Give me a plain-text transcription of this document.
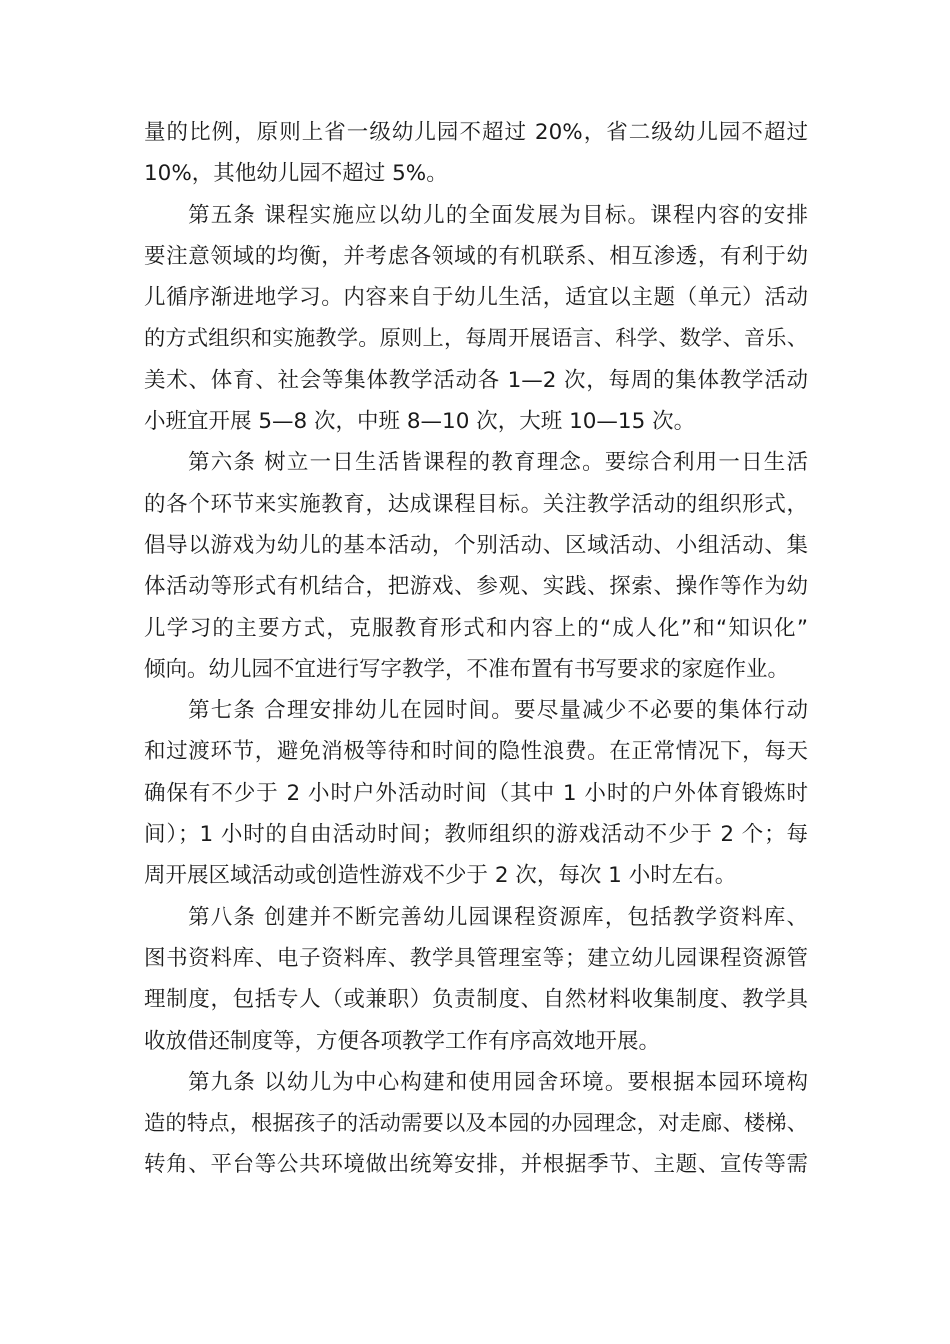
量的比例，原则上省一级幼儿园不超过 20%，省二级幼儿园不超过
10%，其他幼儿园不超过 5%。
第五条 课程实施应以幼儿的全面发展为目标。课程内容的安排
要注意领域的均衡，并考虑各领域的有机联系、相互渗透，有利于幼
儿循序渐进地学习。内容来自于幼儿生活，适宜以主题（单元）活动
的方式组织和实施教学。原则上，每周开展语言、科学、数学、音乐、
美术、体育、社会等集体教学活动各 1—2 次，每周的集体教学活动
小班宜开展 5—8 次，中班 8—10 次，大班 10—15 次。
第六条 树立一日生活皆课程的教育理念。要综合利用一日生活
的各个环节来实施教育，达成课程目标。关注教学活动的组织形式，
倡导以游戏为幼儿的基本活动，个别活动、区域活动、小组活动、集
体活动等形式有机结合，把游戏、参观、实践、探索、操作等作为幼
儿学习的主要方式，克服教育形式和内容上的“成人化”和“知识化”
倾向。幼儿园不宜进行写字教学，不准布置有书写要求的家庭作业。
第七条 合理安排幼儿在园时间。要尽量减少不必要的集体行动
和过渡环节，避免消极等待和时间的隐性浪费。在正常情况下，每天
确保有不少于 2 小时户外活动时间（其中 1 小时的户外体育锻炼时
间）；1 小时的自由活动时间；教师组织的游戏活动不少于 2 个；每
周开展区域活动或创造性游戏不少于 2 次，每次 1 小时左右。
第八条 创建并不断完善幼儿园课程资源库，包括教学资料库、
图书资料库、电子资料库、教学具管理室等；建立幼儿园课程资源管
理制度，包括专人（或兼职）负责制度、自然材料收集制度、教学具
收放借还制度等，方便各项教学工作有序高效地开展。
第九条 以幼儿为中心构建和使用园舍环境。要根据本园环境构
造的特点，根据孩子的活动需要以及本园的办园理念，对走廊、楼梯、
转角、平台等公共环境做出统筹安排，并根据季节、主题、宣传等需
